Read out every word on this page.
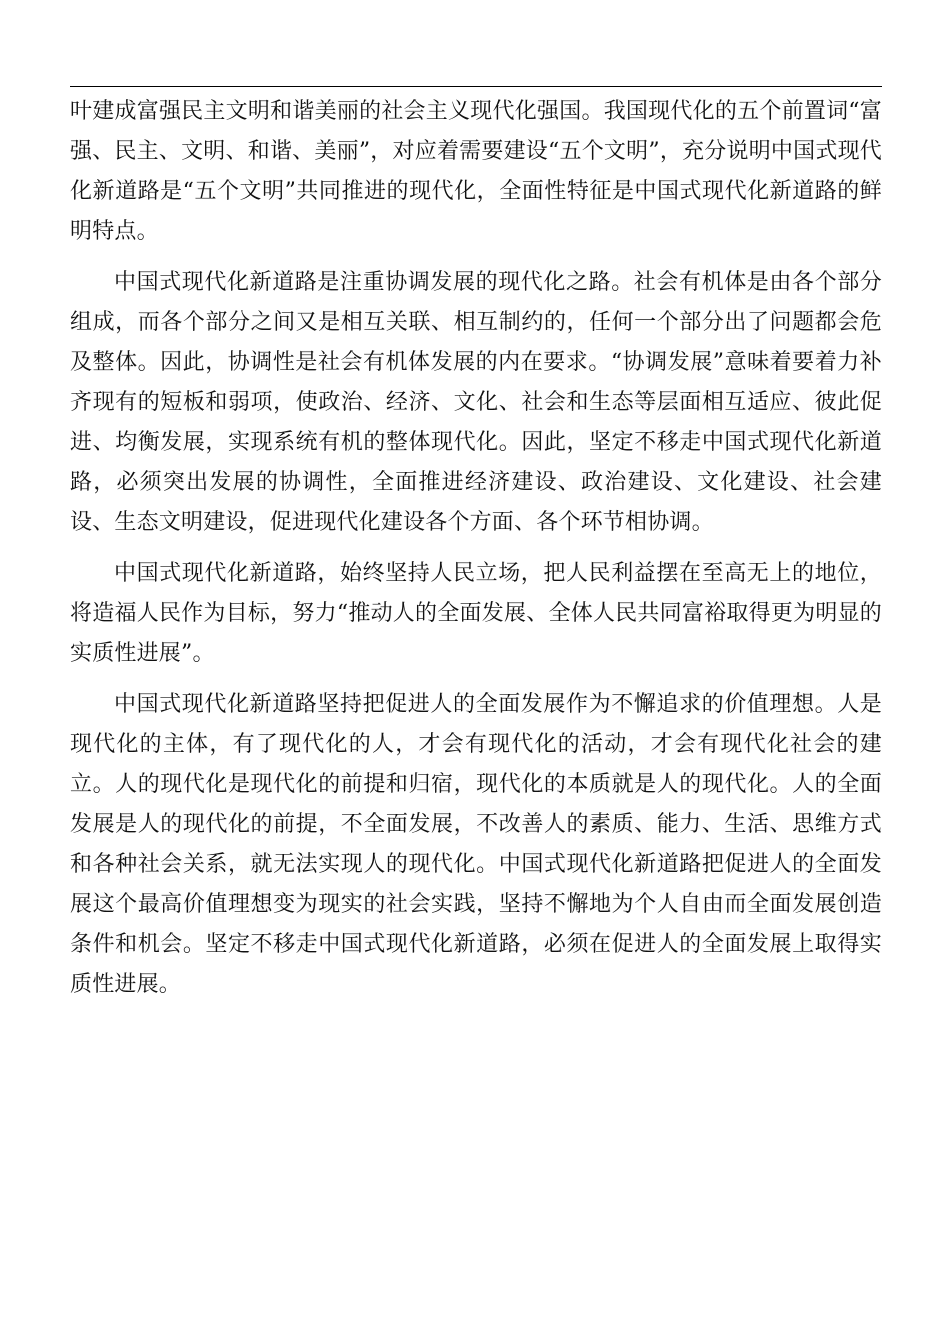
叶建成富强民主文明和谐美丽的社会主义现代化强国。我国现代化的五个前置词“富强、民主、文明、和谐、美丽”，对应着需要建设“五个文明”，充分说明中国式现代化新道路是“五个文明”共同推进的现代化，全面性特征是中国式现代化新道路的鲜明特点。

中国式现代化新道路是注重协调发展的现代化之路。社会有机体是由各个部分组成，而各个部分之间又是相互关联、相互制约的，任何一个部分出了问题都会危及整体。因此，协调性是社会有机体发展的内在要求。“协调发展”意味着要着力补齐现有的短板和弱项，使政治、经济、文化、社会和生态等层面相互适应、彼此促进、均衡发展，实现系统有机的整体现代化。因此，坚定不移走中国式现代化新道路，必须突出发展的协调性，全面推进经济建设、政治建设、文化建设、社会建设、生态文明建设，促进现代化建设各个方面、各个环节相协调。

中国式现代化新道路，始终坚持人民立场，把人民利益摆在至高无上的地位，将造福人民作为目标，努力“推动人的全面发展、全体人民共同富裕取得更为明显的实质性进展”。

中国式现代化新道路坚持把促进人的全面发展作为不懈追求的价值理想。人是现代化的主体，有了现代化的人，才会有现代化的活动，才会有现代化社会的建立。人的现代化是现代化的前提和归宿，现代化的本质就是人的现代化。人的全面发展是人的现代化的前提，不全面发展，不改善人的素质、能力、生活、思维方式和各种社会关系，就无法实现人的现代化。中国式现代化新道路把促进人的全面发展这个最高价值理想变为现实的社会实践，坚持不懈地为个人自由而全面发展创造条件和机会。坚定不移走中国式现代化新道路，必须在促进人的全面发展上取得实质性进展。
